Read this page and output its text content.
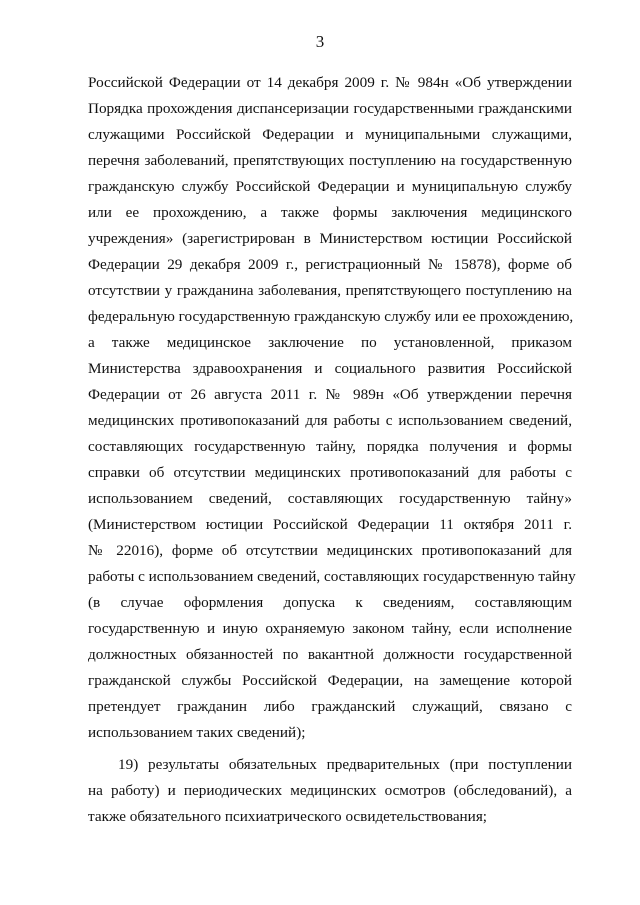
3
Российской Федерации от 14 декабря 2009 г. № 984н «Об утверждении
Порядка прохождения диспансеризации государственными гражданскими
служащими Российской Федерации и муниципальными служащими,
перечня заболеваний, препятствующих поступлению на государственную
гражданскую службу Российской Федерации и муниципальную службу
или ее прохождению, а также формы заключения медицинского
учреждения» (зарегистрирован в Министерством юстиции Российской
Федерации 29 декабря 2009 г., регистрационный № 15878), форме об
отсутствии у гражданина заболевания, препятствующего поступлению на
федеральную государственную гражданскую службу или ее прохождению,
а также медицинское заключение по установленной, приказом
Министерства здравоохранения и социального развития Российской
Федерации от 26 августа 2011 г. № 989н «Об утверждении перечня
медицинских противопоказаний для работы с использованием сведений,
составляющих государственную тайну, порядка получения и формы
справки об отсутствии медицинских противопоказаний для работы с
использованием сведений, составляющих государственную тайну»
(Министерством юстиции Российской Федерации 11 октября 2011 г.
№ 22016), форме об отсутствии медицинских противопоказаний для
работы с использованием сведений, составляющих государственную тайну
(в случае оформления допуска к сведениям, составляющим
государственную и иную охраняемую законом тайну, если исполнение
должностных обязанностей по вакантной должности государственной
гражданской службы Российской Федерации, на замещение которой
претендует гражданин либо гражданский служащий, связано с
использованием таких сведений);
19) результаты обязательных предварительных (при поступлении
на работу) и периодических медицинских осмотров (обследований), а
также обязательного психиатрического освидетельствования;
